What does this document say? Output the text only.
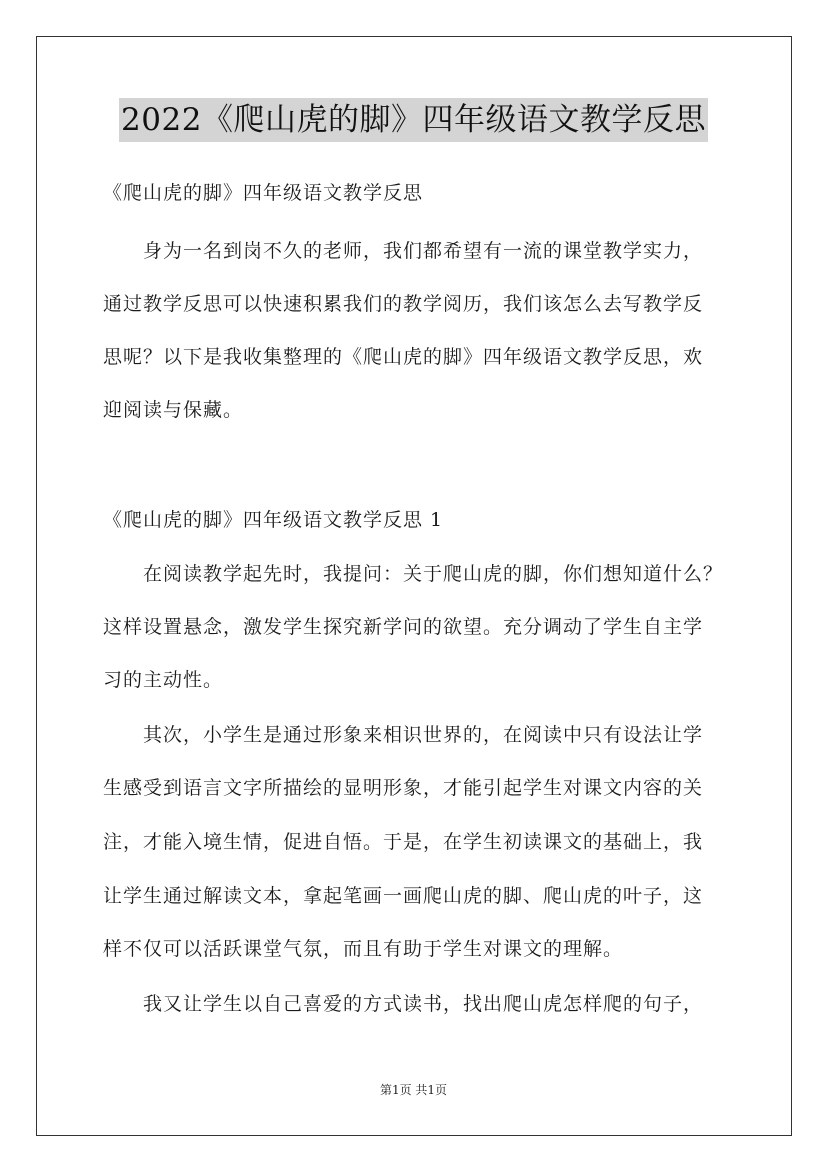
2022《爬山虎的脚》四年级语文教学反思
《爬山虎的脚》四年级语文教学反思
身为一名到岗不久的老师，我们都希望有一流的课堂教学实力，
通过教学反思可以快速积累我们的教学阅历，我们该怎么去写教学反
思呢？以下是我收集整理的《爬山虎的脚》四年级语文教学反思，欢
迎阅读与保藏。
《爬山虎的脚》四年级语文教学反思 1
在阅读教学起先时，我提问：关于爬山虎的脚，你们想知道什么？
这样设置悬念，激发学生探究新学问的欲望。充分调动了学生自主学
习的主动性。
其次，小学生是通过形象来相识世界的，在阅读中只有设法让学
生感受到语言文字所描绘的显明形象，才能引起学生对课文内容的关
注，才能入境生情，促进自悟。于是，在学生初读课文的基础上，我
让学生通过解读文本，拿起笔画一画爬山虎的脚、爬山虎的叶子，这
样不仅可以活跃课堂气氛，而且有助于学生对课文的理解。
我又让学生以自己喜爱的方式读书，找出爬山虎怎样爬的句子，
第1页 共1页
